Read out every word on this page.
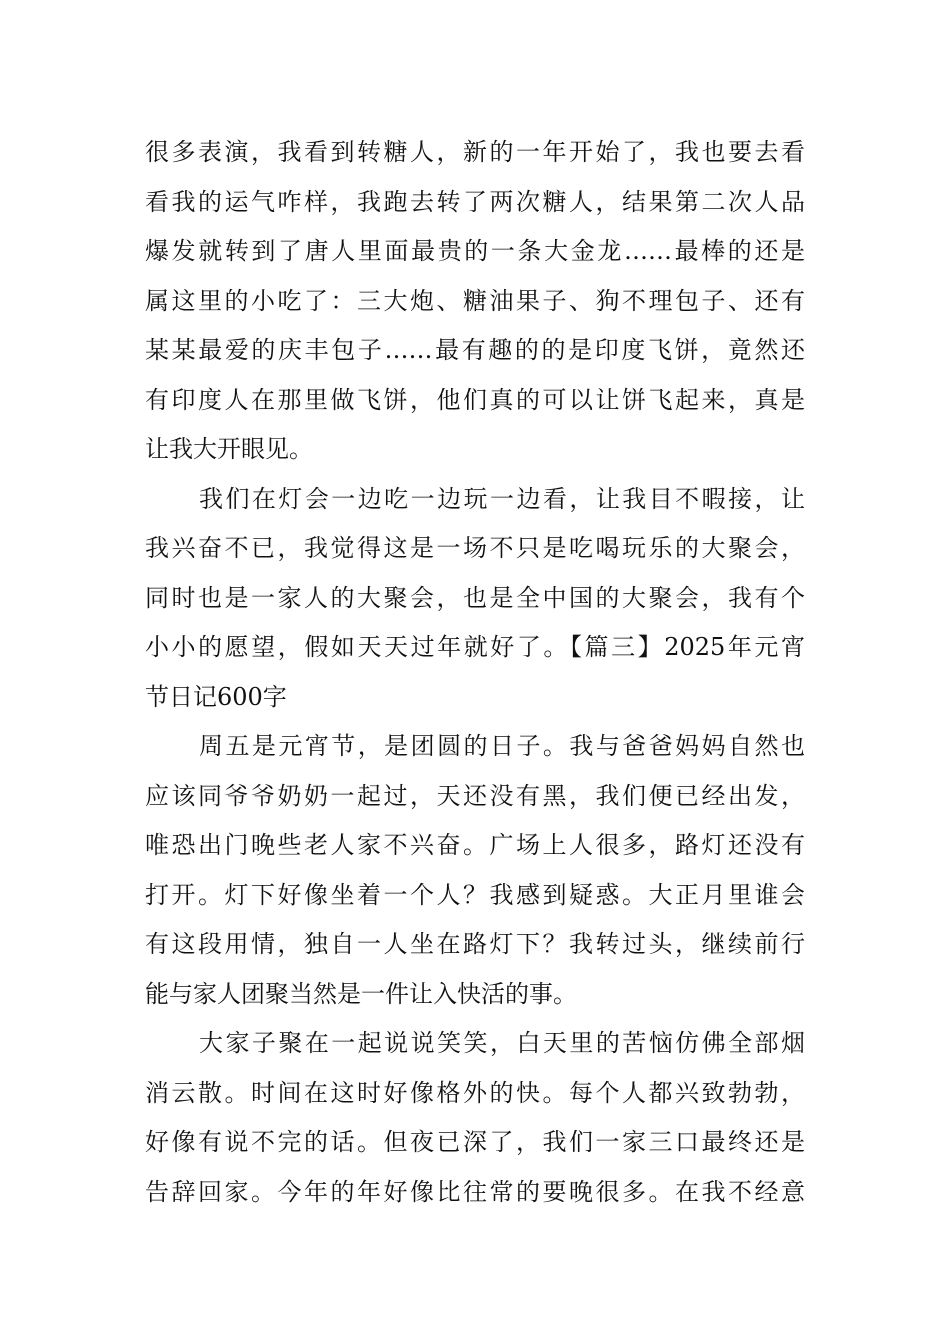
很多表演，我看到转糖人，新的一年开始了，我也要去看
看我的运气咋样，我跑去转了两次糖人，结果第二次人品
爆发就转到了唐人里面最贵的一条大金龙……最棒的还是
属这里的小吃了：三大炮、糖油果子、狗不理包子、还有
某某最爱的庆丰包子……最有趣的的是印度飞饼，竟然还
有印度人在那里做飞饼，他们真的可以让饼飞起来，真是
让我大开眼见。
我们在灯会一边吃一边玩一边看，让我目不暇接，让
我兴奋不已，我觉得这是一场不只是吃喝玩乐的大聚会，
同时也是一家人的大聚会，也是全中国的大聚会，我有个
小小的愿望，假如天天过年就好了。【篇三】2025年元宵
节日记600字
周五是元宵节，是团圆的日子。我与爸爸妈妈自然也
应该同爷爷奶奶一起过，天还没有黑，我们便已经出发，
唯恐出门晚些老人家不兴奋。广场上人很多，路灯还没有
打开。灯下好像坐着一个人？我感到疑惑。大正月里谁会
有这段用情，独自一人坐在路灯下？我转过头，继续前行
能与家人团聚当然是一件让入快活的事。
大家子聚在一起说说笑笑，白天里的苦恼仿佛全部烟
消云散。时间在这时好像格外的快。每个人都兴致勃勃，
好像有说不完的话。但夜已深了，我们一家三口最终还是
告辞回家。今年的年好像比往常的要晚很多。在我不经意
